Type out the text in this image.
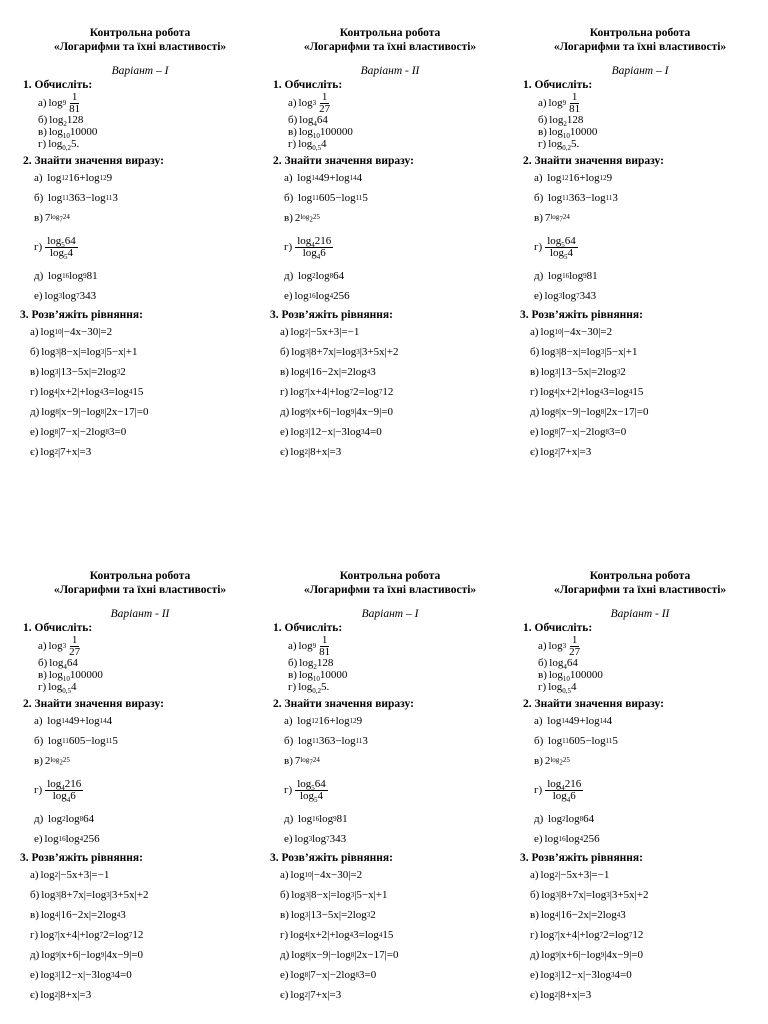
Контрольна робота
«Логарифми та їхні властивості»
Варіант – І
1. Обчисліть:
а) $\log 9 \frac{1}{81}$
б) $\log_2128$
в) $\log_{10}10000$
г) $\log_{0,2}5$.
2. Знайти значення виразу:
а) log 12 16 +log 12 9
б) log 11 363 −log 11 3
в) 7 $\log_724$
$г) \frac{\log_564}{\log_54}$
д) log 16 log 9 81
е) log 3 log 7 343
3. Розв’яжіть рівняння:
а) log 10 |−4x−30|=2
б) log 3 |8−x|=log 3 |5−x|+1
в) log 3 |13−5x|=2log 3 2
г) log 4 |x+2|+log 4 3=log 4 15
д) log 8 |x−9|−log 8 |2x−17|=0
е) log 8 |7−x|−2log 8 3=0
є) log 2 |7+x|=3
Контрольна робота
«Логарифми та їхні властивості»
Варіант - ІІ
1. Обчисліть:
а) $\log 3 \frac{1}{27}$
б) $\log_464$
в) $\log_{10}100000$
г) $\log_{0,5}4$
2. Знайти значення виразу:
а) log 14 49 +log 14 4
б) log 11 605 −log 11 5
в) 2 $\log_225$
$г) \frac{\log_4216}{\log_46}$
д) log 2 log 8 64
е) log 16 log 4 256
3. Розв’яжіть рівняння:
а) log 2 |−5x+3|=−1
б) log 3 |8+7x|=log 3 |3+5x|+2
в) log 4 |16−2x|=2log 4 3
г) log 7 |x+4|+log 7 2=log 7 12
д) log 9 |x+6|−log 9 |4x−9|=0
е) log 3 |12−x|−3log 3 4=0
є) log 2 |8+x|=3
Контрольна робота
«Логарифми та їхні властивості»
Варіант – І
1. Обчисліть:
а) $\log 9 \frac{1}{81}$
б) $\log_2128$
в) $\log_{10}10000$
г) $\log_{0,2}5$.
2. Знайти значення виразу:
а) log 12 16 +log 12 9
б) log 11 363 −log 11 3
в) 7 $\log_724$
$г) \frac{\log_564}{\log_54}$
д) log 16 log 9 81
е) log 3 log 7 343
3. Розв’яжіть рівняння:
а) log 10 |−4x−30|=2
б) log 3 |8−x|=log 3 |5−x|+1
в) log 3 |13−5x|=2log 3 2
г) log 4 |x+2|+log 4 3=log 4 15
д) log 8 |x−9|−log 8 |2x−17|=0
е) log 8 |7−x|−2log 8 3=0
є) log 2 |7+x|=3
Контрольна робота
«Логарифми та їхні властивості»
Варіант - ІІ
1. Обчисліть:
а) $\log 3 \frac{1}{27}$
б) $\log_464$
в) $\log_{10}100000$
г) $\log_{0,5}4$
2. Знайти значення виразу:
а) log 14 49 +log 14 4
б) log 11 605 −log 11 5
в) 2 $\log_225$
$г) \frac{\log_4216}{\log_46}$
д) log 2 log 8 64
е) log 16 log 4 256
3. Розв’яжіть рівняння:
а) log 2 |−5x+3|=−1
б) log 3 |8+7x|=log 3 |3+5x|+2
в) log 4 |16−2x|=2log 4 3
г) log 7 |x+4|+log 7 2=log 7 12
д) log 9 |x+6|−log 9 |4x−9|=0
е) log 3 |12−x|−3log 3 4=0
є) log 2 |8+x|=3
Контрольна робота
«Логарифми та їхні властивості»
Варіант – І
1. Обчисліть:
а) $\log 9 \frac{1}{81}$
б) $\log_2128$
в) $\log_{10}10000$
г) $\log_{0,2}5$.
2. Знайти значення виразу:
а) log 12 16 +log 12 9
б) log 11 363 −log 11 3
в) 7 $\log_724$
$г) \frac{\log_564}{\log_54}$
д) log 16 log 9 81
е) log 3 log 7 343
3. Розв’яжіть рівняння:
а) log 10 |−4x−30|=2
б) log 3 |8−x|=log 3 |5−x|+1
в) log 3 |13−5x|=2log 3 2
г) log 4 |x+2|+log 4 3=log 4 15
д) log 8 |x−9|−log 8 |2x−17|=0
е) log 8 |7−x|−2log 8 3=0
є) log 2 |7+x|=3
Контрольна робота
«Логарифми та їхні властивості»
Варіант - ІІ
1. Обчисліть:
а) $\log 3 \frac{1}{27}$
б) $\log_464$
в) $\log_{10}100000$
г) $\log_{0,5}4$
2. Знайти значення виразу:
а) log 14 49 +log 14 4
б) log 11 605 −log 11 5
в) 2 $\log_225$
$г) \frac{\log_4216}{\log_46}$
д) log 2 log 8 64
е) log 16 log 4 256
3. Розв’яжіть рівняння:
а) log 2 |−5x+3|=−1
б) log 3 |8+7x|=log 3 |3+5x|+2
в) log 4 |16−2x|=2log 4 3
г) log 7 |x+4|+log 7 2=log 7 12
д) log 9 |x+6|−log 9 |4x−9|=0
е) log 3 |12−x|−3log 3 4=0
є) log 2 |8+x|=3
